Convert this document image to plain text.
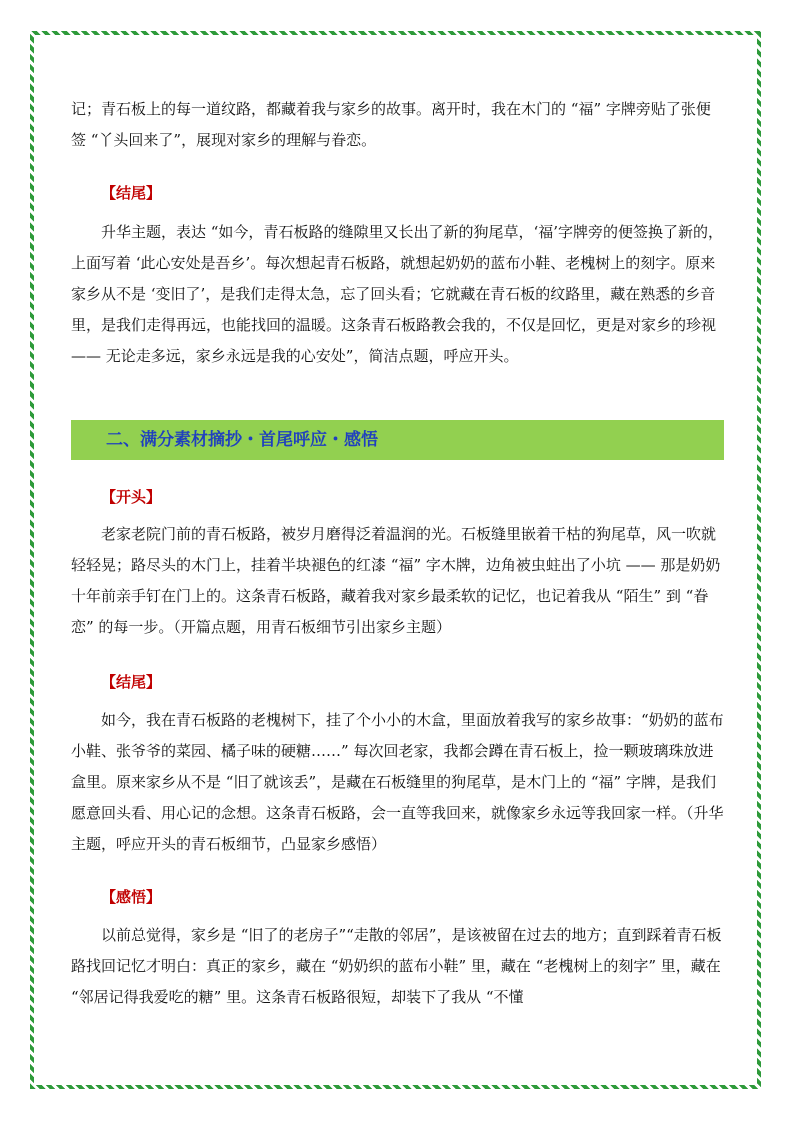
记；青石板上的每一道纹路，都藏着我与家乡的故事。离开时，我在木门的 “福” 字牌旁贴了张便签 “丫头回来了”，展现对家乡的理解与眷恋。

【结尾】

升华主题，表达 “如今，青石板路的缝隙里又长出了新的狗尾草，‘福’字牌旁的便签换了新的，上面写着 ‘此心安处是吾乡’。每次想起青石板路，就想起奶奶的蓝布小鞋、老槐树上的刻字。原来家乡从不是 ‘变旧了’，是我们走得太急，忘了回头看；它就藏在青石板的纹路里，藏在熟悉的乡音里，是我们走得再远，也能找回的温暖。这条青石板路教会我的，不仅是回忆，更是对家乡的珍视 —— 无论走多远，家乡永远是我的心安处”，简洁点题，呼应开头。

二、满分素材摘抄・首尾呼应・感悟

【开头】

老家老院门前的青石板路，被岁月磨得泛着温润的光。石板缝里嵌着干枯的狗尾草，风一吹就轻轻晃；路尽头的木门上，挂着半块褪色的红漆 “福” 字木牌，边角被虫蛀出了小坑 —— 那是奶奶十年前亲手钉在门上的。这条青石板路，藏着我对家乡最柔软的记忆，也记着我从 “陌生” 到 “眷恋” 的每一步。（开篇点题，用青石板细节引出家乡主题）

【结尾】

如今，我在青石板路的老槐树下，挂了个小小的木盒，里面放着我写的家乡故事：“奶奶的蓝布小鞋、张爷爷的菜园、橘子味的硬糖……” 每次回老家，我都会蹲在青石板上，捡一颗玻璃珠放进盒里。原来家乡从不是 “旧了就该丢”，是藏在石板缝里的狗尾草，是木门上的 “福” 字牌，是我们愿意回头看、用心记的念想。这条青石板路，会一直等我回来，就像家乡永远等我回家一样。（升华主题，呼应开头的青石板细节，凸显家乡感悟）

【感悟】

以前总觉得，家乡是 “旧了的老房子”“走散的邻居”，是该被留在过去的地方；直到踩着青石板路找回记忆才明白：真正的家乡，藏在 “奶奶织的蓝布小鞋” 里，藏在 “老槐树上的刻字” 里，藏在 “邻居记得我爱吃的糖” 里。这条青石板路很短，却装下了我从 “不懂
